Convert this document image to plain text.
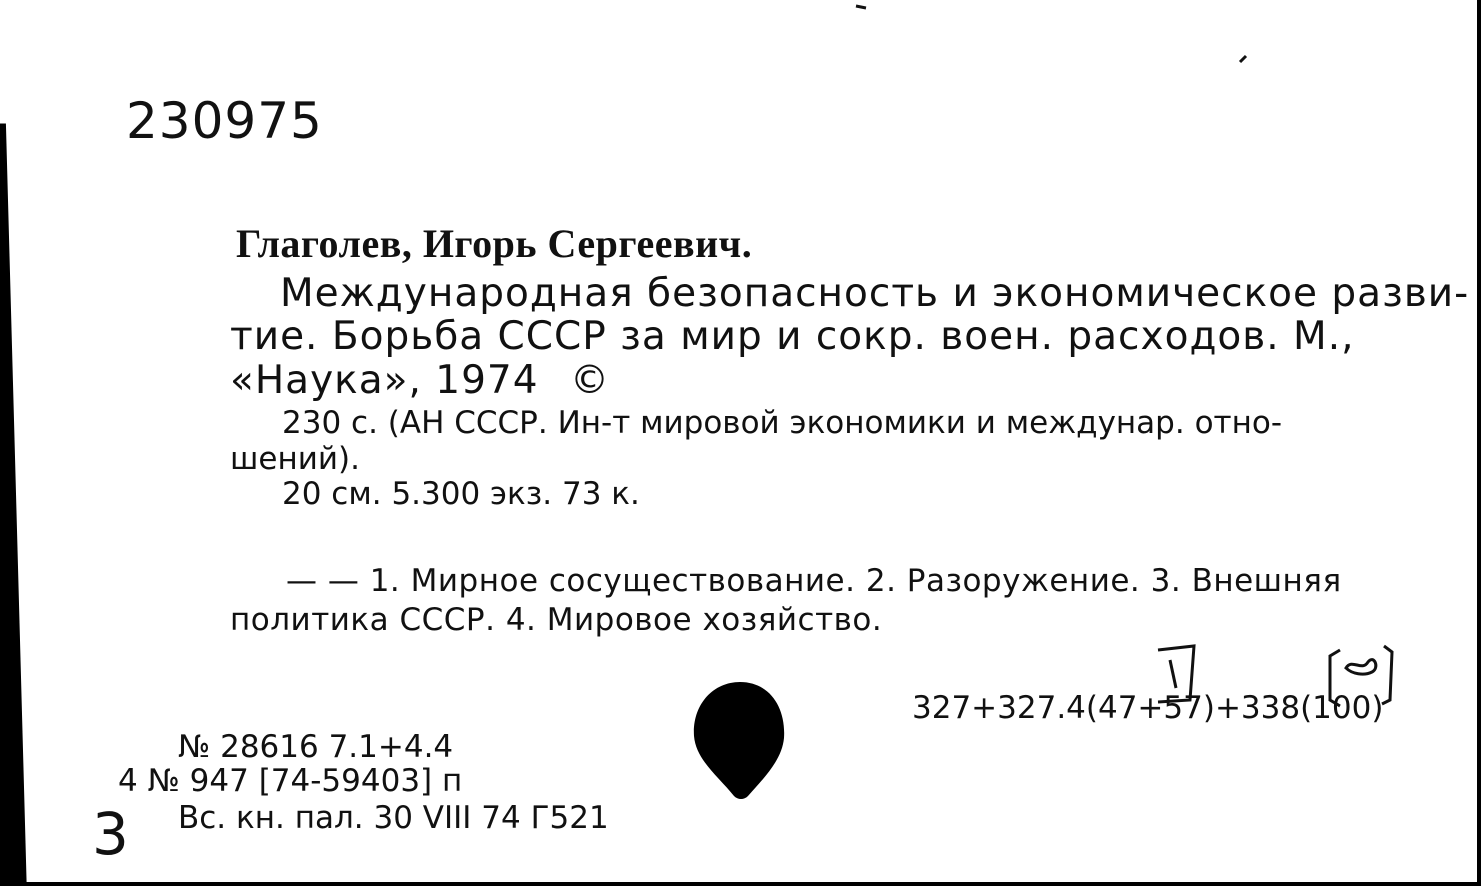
230975
Глаголев, Игорь Сергеевич.
Международная безопасность и экономическое разви-
тие. Борьба СССР за мир и сокр. воен. расходов. М.,
«Наука», 1974 ©
230 с. (АН СССР. Ин-т мировой экономики и междунар. отно-
шений).
20 см. 5.300 экз. 73 к.
— — 1. Мирное сосуществование. 2. Разоружение. 3. Внешняя
политика СССР. 4. Мировое хозяйство.
327+327.4(47+57)+338(100)
№ 28616 7.1+4.4
4 № 947 [74-59403] п
Вс. кн. пал. 30 VIII 74 Г521
3
